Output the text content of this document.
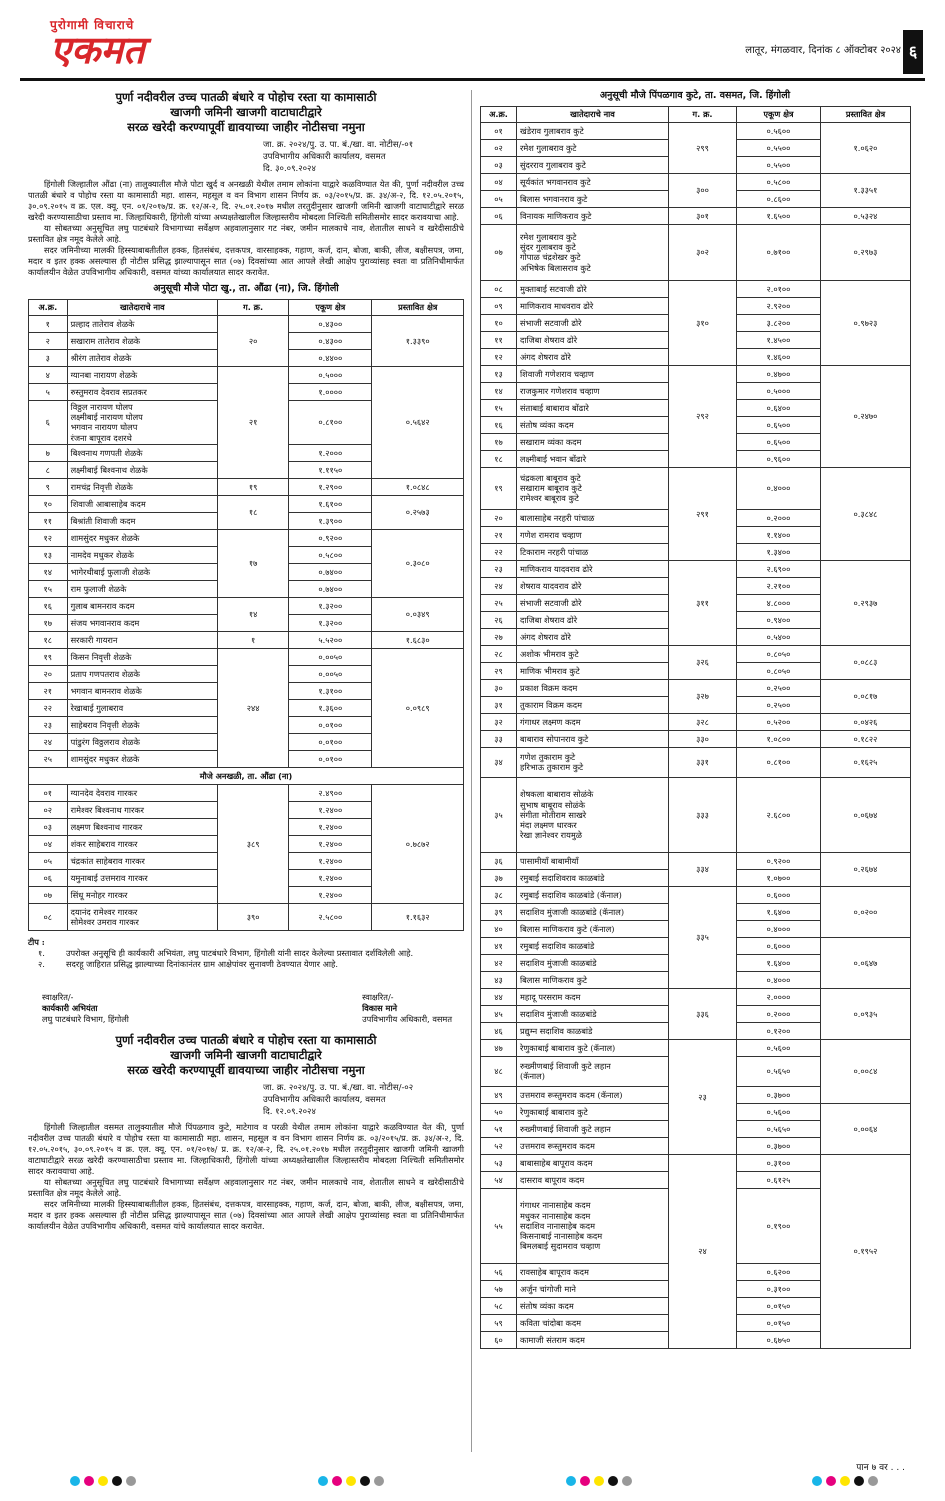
पुरोगामी विचाराचे
एकमत	लातूर, मंगळवार, दिनांक ८ ऑक्टोबर २०२४ ६
पुर्णा नदीवरील उच्च पातळी बंधारे व पोहोच रस्ता या कामासाठी
खाजगी जमिनी खाजगी वाटाघाटीद्वारे
सरळ खरेदी करण्यापूर्वी द्यावयाच्या जाहीर नोटीसचा नमुना
जा. क्र. २०२४/पु. उ. पा. बं./खा. वा. नोटीस/-०१
उपविभागीय अधिकारी कार्यालय, वसमत
दि. ३०.०९.२०२४

हिंगोली जिल्हातील औंढा (ना) तालुक्यातील मौजे पोटा खुर्द व अनखळी येथील तमाम लोकांना याद्वारे कळविण्यात येत की, पुर्णा नदीवरील उच्च पातळी बंधारे व पोहोच रस्ता या कामासाठी महा. शासन, महसूल व वन विभाग शासन निर्णय क्र. ०३/२०१५/प्र. क्र. ३४/अ-२, दि. १२.०५.२०१५, ३०.०९.२०१५ व क्र. एल. क्यू. एन. ०१/२०१७/प्र. क्र. १२/अ-२, दि. २५.०१.२०१७ मधील तरतुदीनुसार खाजगी जमिनी खाजगी वाटाघाटीद्वारे सरळ खरेदी करण्यासाठीचा प्रस्ताव मा. जिल्हाधिकारी, हिंगोली यांच्या अध्यक्षतेखालील जिल्हास्तरीय मोबदला निश्चिती समितीसमोर सादर करावयाचा आहे.

या सोबतच्या अनुसूचित लघु पाटबंधारे विभागाच्या सर्वेक्षण अहवालानुसार गट नंबर, जमीन मालकाचे नाव, शेतातील साधने व खरेदीसाठीचे प्रस्तावित क्षेत्र नमूद केलेले आहे.

सदर जमिनीच्या मालकी हिस्स्याबाबतीतील हक्क, हितसंबंध, दत्तकपत्र, वारसाहक्क, गहाण, कर्ज, दान, बोजा, बाकी, लीज, बक्षीसपत्र, जमा, मदार व इतर हक्क असल्यास ही नोटीस प्रसिद्ध झाल्यापासून सात (०७) दिवसांच्या आत आपले लेखी आक्षेप पुराव्यांसह स्वतः वा प्रतिनिधीमार्फत कार्यालयीन वेळेत उपविभागीय अधिकारी, वसमत यांच्या कार्यालयात सादर करावेत.

अनुसूची मौजे पोटा खु., ता. औंढा (ना), जि. हिंगोली
अ.क्र.	खातेदाराचे नाव	ग. क्र.	एकूण क्षेत्र	प्रस्तावित क्षेत्र
१	प्रल्हाद तातेराव शेळके	२०	०.४३००	१.३३९०
२	सखाराम तातेराव शेळके		०.४३००	
३	श्रीरंग तातेराव शेळके		०.४४००	
४	ग्यानबा नारायण शेळके	२१	०.५०००	०.५६४२
५	रुस्तुमराव देवराव सप्रतकर		१.००००	
६	विठ्ठल नारायण घोलप
लक्ष्मीबाई नारायण घोलप
भगवान नारायण घोलप
रंजना बापूराव दशरथे		०.८१००	
७	बिश्वनाथ गणपती शेळके		१.२०००	
८	लक्ष्मीबाई बिश्वनाथ शेळके		१.११५०	
९	रामचंद्र निवृत्ती शेळके	१९	१.२९००	१.०८४८
१०	शिवाजी आबासाहेब कदम	१८	१.६१००	०.२५७३
११	बिश्रांती शिवाजी कदम		१.३९००	
१२	शामसुंदर मधुकर शेळके	१७	०.९२००	०.३०८०
१३	नामदेव मधुकर शेळके		०.५८००	
१४	भागेरथीबाई फुलाजी शेळके		०.७४००	
१५	राम फुलाजी शेळके		०.७४००	
१६	गुलाब बामनराव कदम	१४	१.३२००	०.०३४९
१७	संजय भगवानराव कदम		१.३२००	
१८	सरकारी गायरान	१	५.५२००	१.६८३०
१९	किसन निवृत्ती शेळके	२४४	०.००५०	०.०९८९
२०	प्रताप गणपतराव शेळके		०.००५०	
२१	भगवान बामनराव शेळके		१.३१००	
२२	रेखाबाई गुलाबराव		१.३६००	
२३	साहेबराव निवृत्ती शेळके		०.०१००	
२४	पांडुरंग विठ्ठलराव शेळके		०.०१००	
२५	शामसुंदर मधुकर शेळके		०.०१००	
मौजे अनखळी, ता. औंढा (ना)				
०१	ग्यानदेव देवराव गारकर	३८९	२.४९००	०.७८७२
०२	रामेश्वर बिश्वनाथ गारकर		१.२४००	
०३	लक्ष्मण बिश्वनाथ गारकर		१.२४००	
०४	शंकर साहेबराव गारकर		१.२४००	
०५	चंद्रकांत साहेबराव गारकर		१.२४००	
०६	यमुनाबाई उत्तमराव गारकर		१.२४००	
०७	सिंधू मनोहर गारकर		१.२४००	
०८	दयानंद रामेश्वर गारकर
सोमेश्वर उमराव गारकर	३९०	२.५८००	१.१६३२
टीप :
१.	उपरोक्त अनुसूचि ही कार्यकारी अभियंता, लघु पाटबंधारे विभाग, हिंगोली यांनी सादर केलेल्या प्रस्तावात दर्शविलेली आहे.
२.	सदरहू जाहिरात प्रसिद्ध झाल्याच्या दिनांकानंतर ग्राम आक्षेपांवर सुनावणी ठेवण्यात येणार आहे.
स्वाक्षरित/-
कार्यकारी अभियंता
लघु पाटबंधारे विभाग, हिंगोली
स्वाक्षरित/-
विकास माने
उपविभागीय अधिकारी, वसमत
पुर्णा नदीवरील उच्च पातळी बंधारे व पोहोच रस्ता या कामासाठी
खाजगी जमिनी खाजगी वाटाघाटीद्वारे
सरळ खरेदी करण्यापूर्वी द्यावयाच्या जाहीर नोटीसचा नमुना
जा. क्र. २०२४/पु. उ. पा. बं./खा. वा. नोटीस/-०२
उपविभागीय अधिकारी कार्यालय, वसमत
दि. १२.०९.२०२४

हिंगोली जिल्हातील वसमत तालुक्यातील मौजे पिंपळगाव कुटे, माटेगाव व परळी येथील तमाम लोकांना याद्वारे कळविण्यात येत की, पुर्णा नदीवरील उच्च पातळी बंधारे व पोहोच रस्ता या कामासाठी महा. शासन, महसूल व वन विभाग शासन निर्णय क्र. ०३/२०१५/प्र. क्र. ३४/अ-२, दि. १२.०५.२०१५, ३०.०९.२०१५ व क्र. एल. क्यू. एन. ०१/२०१७/ प्र. क्र. १२/अ-२, दि. २५.०१.२०१७ मधील तरतुदीनुसार खाजगी जमिनी खाजगी वाटाघाटीद्वारे सरळ खरेदी करण्यासाठीचा प्रस्ताव मा. जिल्हाधिकारी, हिंगोली यांच्या अध्यक्षतेखालील जिल्हास्तरीय मोबदला निश्चिती समितीसमोर सादर करावयाचा आहे.

या सोबतच्या अनुसूचित लघु पाटबंधारे विभागाच्या सर्वेक्षण अहवालानुसार गट नंबर, जमीन मालकाचे नाव, शेतातील साधने व खरेदीसाठीचे प्रस्तावित क्षेत्र नमूद केलेले आहे.

सदर जमिनीच्या मालकी हिस्स्याबाबतीतील हक्क, हितसंबंध, दत्तकपत्र, वारसाहक्क, गहाण, कर्ज, दान, बोजा, बाकी, लीज, बक्षीसपत्र, जमा, मदार व इतर हक्क असल्यास ही नोटीस प्रसिद्ध झाल्यापासून सात (०७) दिवसांच्या आत आपले लेखी आक्षेप पुराव्यांसह स्वतः वा प्रतिनिधीमार्फत कार्यालयीन वेळेत उपविभागीय अधिकारी, वसमत यांचे कार्यालयात सादर करावेत.

अनुसूची मौजे पिंपळगाव कुटे, ता. वसमत, जि. हिंगोली
अ.क्र.	खातेदाराचे नाव	ग. क्र.	एकूण क्षेत्र	प्रस्तावित क्षेत्र
०१	खंडेराव गुलाबराव कुटे	२९९	०.५६००	१.०६२०
०२	रमेश गुलाबराव कुटे		०.५५००	
०३	सुंदरराव गुलाबराव कुटे		०.५५००	
०४	सूर्यकांत भगवानराव कुटे	३००	०.५८००	१.३३५१
०५	बिलास भगवानराव कुटे		०.८६००	
०६	विनायक माणिकराव कुटे	३०१	१.६५००	०.५३२४
०७	रमेश गुलाबराव कुटे
सुंदर गुलाबराव कुटे
गोपाळ चंद्रशेखर कुटे
अभिषेक बिलासराव कुटे	३०२	०.७१००	०.२९७३
०८	मुक्ताबाई सटवाजी ढोरे	३१०	२.०१००	०.९७२३
०९	माणिकराव माधवराव ढोरे		२.९२००	
१०	संभाजी सटवाजी ढोरे		३.८२००	
११	दाजिबा शेषराव ढोरे		१.४५००	
१२	अंगद शेषराव ढोरे		१.४६००	
१३	शिवाजी गणेशराव चव्हाण	२९२	०.४७००	०.२४७०
१४	राजकुमार गणेशराव चव्हाण		०.५०००	
१५	संताबाई बाबाराव बोंढारे		०.६४००	
१६	संतोष व्यंका कदम		०.६५००	
१७	सखाराम व्यंका कदम		०.६५००	
१८	लक्ष्मीबाई भवान बोंढारे		०.९६००	
१९	चंद्रकला बाबूराव कुटे
सखाराम बाबूराव कुटे
रामेश्वर बाबूराव कुटे	२९१	०.४०००	०.३८४८
२०	बालासाहेब नरहरी पांचाळ		०.२०००	
२१	गणेश रामराव चव्हाण		१.१४००	
२२	टिकाराम नरहरी पांचाळ		१.३४००	
२३	माणिकराव यादवराव ढोरे	३११	२.६९००	०.२९३७
२४	शेषराव यादवराव ढोरे		२.२१००	
२५	संभाजी सटवाजी ढोरे		४.८०००	
२६	दाजिबा शेषराव ढोरे		०.९४००	
२७	अंगद शेषराव ढोरे		०.५४००	
२८	अशोक भीमराव कुटे	३२६	०.८०५०	०.०८८३
२९	माणिक भीमराव कुटे		०.८०५०	
३०	प्रकाश विक्रम कदम	३२७	०.२५००	०.०८१७
३१	तुकाराम विक्रम कदम		०.२५००	
३२	गंगाधर लक्ष्मण कदम	३२८	०.५२००	०.०४२६
३३	बाबाराव सोपानराव कुटे	३३०	१.०८००	०.१८२२
३४	गणेश तुकाराम कुटे
हरिभाऊ तुकाराम कुटे	३३१	०.८१००	०.१६२५
३५	शेषकला बाबाराव सोळंके
सुभाष बाबूराव सोळंके
संगीता मोतीराम साखरे
मंदा लक्ष्मण धारकर
रेखा ज्ञानेश्वर रायमुळे	३३३	२.६८००	०.०६७४
३६	पासामीयाँ बाबामीयाँ	३३४	०.९२००	०.२६७४
३७	रमुबाई सदाशिवराव काळबांडे		१.०७००	
३८	रमुबाई सदाशिव काळबांडे (कॅनाल)	३३५	०.६०००	०.०२००
३९	सदाशिव मुंजाजी काळबांडे (कॅनाल)		१.६४००	
४०	बिलास माणिकराव कुटे (कॅनाल)		०.४०००	
४१	रमुबाई सदाशिव काळबांडे		०.६०००	०.०६४७
४२	सदाशिव मुंजाजी काळबांडे		१.६४००	
४३	बिलास माणिकराव कुटे		०.४०००	
४४	महादू परसराम कदम	३३६	२.००००	०.०९३५
४५	सदाशिव मुंजाजी काळबांडे		०.२०००	
४६	प्रद्युम्न सदाशिव काळबांडे		०.१२००	
४७	रेणुकाबाई बाबाराव कुटे (कॅनाल)	२३	०.५६००	०.००८४
४८	रुख्मीणबाई शिवाजी कुटे लहान
(कॅनाल)		०.५६५०	
४९	उत्तमराव रूस्तुमराव कदम (कॅनाल)		०.३७००	
५०	रेणुकाबाई बाबाराव कुटे		०.५६००	०.००६४
५१	रुख्मीणबाई शिवाजी कुटे लहान		०.५६५०	
५२	उत्तमराव रूस्तुमराव कदम		०.३७००	
५३	बाबासाहेब बापूराव कदम	२४	०.३१००	०.१९५२
५४	दासराव बापूराव कदम		०.६१२५	
५५	गंगाधर नानासाहेब कदम
मधुकर नानासाहेब कदम
सदाशिव नानासाहेब कदम
किसनाबाई नानासाहेब कदम
बिमलबाई सुदामराव चव्हाण		०.१९००	
५६	रावसाहेब बापूराव कदम		०.६२००	
५७	अर्जुन चांगोजी माने		०.३१००	
५८	संतोष व्यंका कदम		०.०१५०	
५९	कविता चांदोबा कदम		०.०१५०	
६०	कामाजी संतराम कदम		०.६७५०	
पान ७ वर . . .
